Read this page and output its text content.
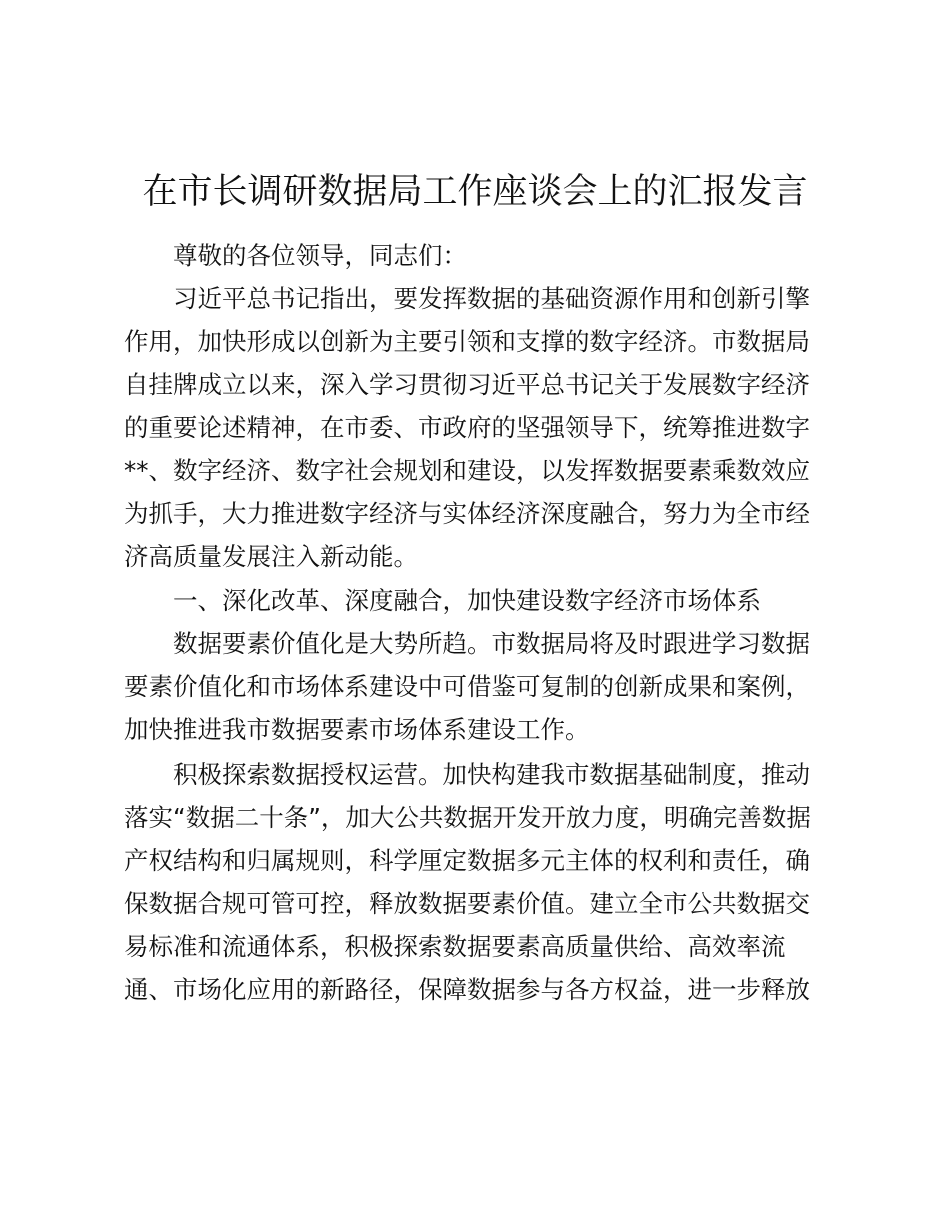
在市长调研数据局工作座谈会上的汇报发言
尊敬的各位领导，同志们：
习近平总书记指出，要发挥数据的基础资源作用和创新引擎
作用，加快形成以创新为主要引领和支撑的数字经济。市数据局
自挂牌成立以来，深入学习贯彻习近平总书记关于发展数字经济
的重要论述精神，在市委、市政府的坚强领导下，统筹推进数字
**、数字经济、数字社会规划和建设，以发挥数据要素乘数效应
为抓手，大力推进数字经济与实体经济深度融合，努力为全市经
济高质量发展注入新动能。
一、深化改革、深度融合，加快建设数字经济市场体系
数据要素价值化是大势所趋。市数据局将及时跟进学习数据
要素价值化和市场体系建设中可借鉴可复制的创新成果和案例，
加快推进我市数据要素市场体系建设工作。
积极探索数据授权运营。加快构建我市数据基础制度，推动
落实“数据二十条”，加大公共数据开发开放力度，明确完善数据
产权结构和归属规则，科学厘定数据多元主体的权利和责任，确
保数据合规可管可控，释放数据要素价值。建立全市公共数据交
易标准和流通体系，积极探索数据要素高质量供给、高效率流
通、市场化应用的新路径，保障数据参与各方权益，进一步释放
